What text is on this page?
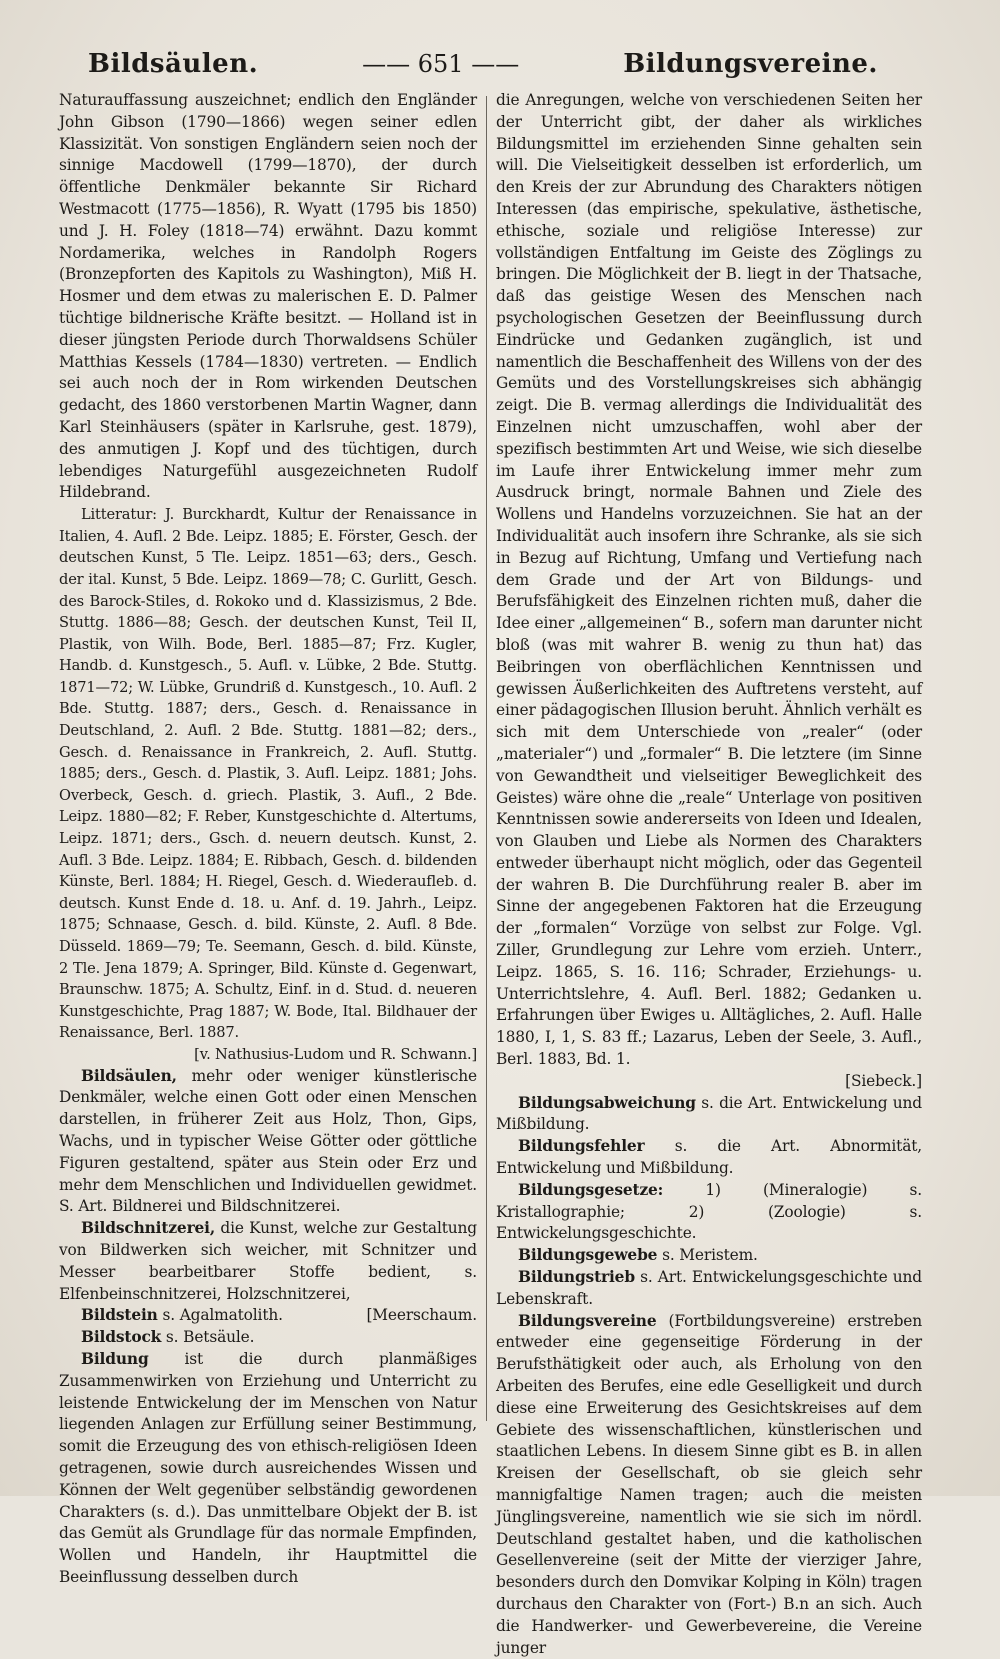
Bildsäulen.	—— 651 ——	Bildungsvereine.

Naturauffassung auszeichnet; endlich den Engländer John Gibson (1790—1866) wegen seiner edlen Klassizität. Von sonstigen Engländern seien noch der sinnige Macdowell (1799—1870), der durch öffentliche Denkmäler bekannte Sir Richard Westmacott (1775—1856), R. Wyatt (1795 bis 1850) und J. H. Foley (1818—74) erwähnt. Dazu kommt Nordamerika, welches in Randolph Rogers (Bronzepforten des Kapitols zu Washington), Miß H. Hosmer und dem etwas zu malerischen E. D. Palmer tüchtige bildnerische Kräfte besitzt. — Holland ist in dieser jüngsten Periode durch Thorwaldsens Schüler Matthias Kessels (1784—1830) vertreten. — Endlich sei auch noch der in Rom wirkenden Deutschen gedacht, des 1860 verstorbenen Martin Wagner, dann Karl Steinhäusers (später in Karlsruhe, gest. 1879), des anmutigen J. Kopf und des tüchtigen, durch lebendiges Naturgefühl ausgezeichneten Rudolf Hildebrand.

Litteratur: J. Burckhardt, Kultur der Renaissance in Italien, 4. Aufl. 2 Bde. Leipz. 1885; E. Förster, Gesch. der deutschen Kunst, 5 Tle. Leipz. 1851—63; ders., Gesch. der ital. Kunst, 5 Bde. Leipz. 1869—78; C. Gurlitt, Gesch. des Barock-Stiles, d. Rokoko und d. Klassizismus, 2 Bde. Stuttg. 1886—88; Gesch. der deutschen Kunst, Teil II, Plastik, von Wilh. Bode, Berl. 1885—87; Frz. Kugler, Handb. d. Kunstgesch., 5. Aufl. v. Lübke, 2 Bde. Stuttg. 1871—72; W. Lübke, Grundriß d. Kunstgesch., 10. Aufl. 2 Bde. Stuttg. 1887; ders., Gesch. d. Renaissance in Deutschland, 2. Aufl. 2 Bde. Stuttg. 1881—82; ders., Gesch. d. Renaissance in Frankreich, 2. Aufl. Stuttg. 1885; ders., Gesch. d. Plastik, 3. Aufl. Leipz. 1881; Johs. Overbeck, Gesch. d. griech. Plastik, 3. Aufl., 2 Bde. Leipz. 1880—82; F. Reber, Kunstgeschichte d. Altertums, Leipz. 1871; ders., Gsch. d. neuern deutsch. Kunst, 2. Aufl. 3 Bde. Leipz. 1884; E. Ribbach, Gesch. d. bildenden Künste, Berl. 1884; H. Riegel, Gesch. d. Wiederaufleb. d. deutsch. Kunst Ende d. 18. u. Anf. d. 19. Jahrh., Leipz. 1875; Schnaase, Gesch. d. bild. Künste, 2. Aufl. 8 Bde. Düsseld. 1869—79; Te. Seemann, Gesch. d. bild. Künste, 2 Tle. Jena 1879; A. Springer, Bild. Künste d. Gegenwart, Braunschw. 1875; A. Schultz, Einf. in d. Stud. d. neueren Kunstgeschichte, Prag 1887; W. Bode, Ital. Bildhauer der Renaissance, Berl. 1887.

[v. Nathusius-Ludom und R. Schwann.]

Bildsäulen, mehr oder weniger künstlerische Denkmäler, welche einen Gott oder einen Menschen darstellen, in früherer Zeit aus Holz, Thon, Gips, Wachs, und in typischer Weise Götter oder göttliche Figuren gestaltend, später aus Stein oder Erz und mehr dem Menschlichen und Individuellen gewidmet. S. Art. Bildnerei und Bildschnitzerei.

Bildschnitzerei, die Kunst, welche zur Gestaltung von Bildwerken sich weicher, mit Schnitzer und Messer bearbeitbarer Stoffe bedient, s. Elfenbeinschnitzerei, Holzschnitzerei,

Bildstein s. Agalmatolith.	[Meerschaum.

Bildstock s. Betsäule.

Bildung ist die durch planmäßiges Zusammenwirken von Erziehung und Unterricht zu leistende Entwickelung der im Menschen von Natur liegenden Anlagen zur Erfüllung seiner Bestimmung, somit die Erzeugung des von ethisch-religiösen Ideen getragenen, sowie durch ausreichendes Wissen und Können der Welt gegenüber selbständig gewordenen Charakters (s. d.). Das unmittelbare Objekt der B. ist das Gemüt als Grundlage für das normale Empfinden, Wollen und Handeln, ihr Hauptmittel die Beeinflussung desselben durch

die Anregungen, welche von verschiedenen Seiten her der Unterricht gibt, der daher als wirkliches Bildungsmittel im erziehenden Sinne gehalten sein will. Die Vielseitigkeit desselben ist erforderlich, um den Kreis der zur Abrundung des Charakters nötigen Interessen (das empirische, spekulative, ästhetische, ethische, soziale und religiöse Interesse) zur vollständigen Entfaltung im Geiste des Zöglings zu bringen. Die Möglichkeit der B. liegt in der Thatsache, daß das geistige Wesen des Menschen nach psychologischen Gesetzen der Beeinflussung durch Eindrücke und Gedanken zugänglich, ist und namentlich die Beschaffenheit des Willens von der des Gemüts und des Vorstellungskreises sich abhängig zeigt. Die B. vermag allerdings die Individualität des Einzelnen nicht umzuschaffen, wohl aber der spezifisch bestimmten Art und Weise, wie sich dieselbe im Laufe ihrer Entwickelung immer mehr zum Ausdruck bringt, normale Bahnen und Ziele des Wollens und Handelns vorzuzeichnen. Sie hat an der Individualität auch insofern ihre Schranke, als sie sich in Bezug auf Richtung, Umfang und Vertiefung nach dem Grade und der Art von Bildungs- und Berufsfähigkeit des Einzelnen richten muß, daher die Idee einer „allgemeinen“ B., sofern man darunter nicht bloß (was mit wahrer B. wenig zu thun hat) das Beibringen von oberflächlichen Kenntnissen und gewissen Äußerlichkeiten des Auftretens versteht, auf einer pädagogischen Illusion beruht. Ähnlich verhält es sich mit dem Unterschiede von „realer“ (oder „materialer“) und „formaler“ B. Die letztere (im Sinne von Gewandtheit und vielseitiger Beweglichkeit des Geistes) wäre ohne die „reale“ Unterlage von positiven Kenntnissen sowie andererseits von Ideen und Idealen, von Glauben und Liebe als Normen des Charakters entweder überhaupt nicht möglich, oder das Gegenteil der wahren B. Die Durchführung realer B. aber im Sinne der angegebenen Faktoren hat die Erzeugung der „formalen“ Vorzüge von selbst zur Folge. Vgl. Ziller, Grundlegung zur Lehre vom erzieh. Unterr., Leipz. 1865, S. 16. 116; Schrader, Erziehungs- u. Unterrichtslehre, 4. Aufl. Berl. 1882; Gedanken u. Erfahrungen über Ewiges u. Alltägliches, 2. Aufl. Halle 1880, I, 1, S. 83 ff.; Lazarus, Leben der Seele, 3. Aufl., Berl. 1883, Bd. 1.

[Siebeck.]

Bildungsabweichung s. die Art. Entwickelung und Mißbildung.

Bildungsfehler s. die Art. Abnormität, Entwickelung und Mißbildung.

Bildungsgesetze: 1) (Mineralogie) s. Kristallographie; 2) (Zoologie) s. Entwickelungsgeschichte.

Bildungsgewebe s. Meristem.

Bildungstrieb s. Art. Entwickelungsgeschichte und Lebenskraft.

Bildungsvereine (Fortbildungsvereine) erstreben entweder eine gegenseitige Förderung in der Berufsthätigkeit oder auch, als Erholung von den Arbeiten des Berufes, eine edle Geselligkeit und durch diese eine Erweiterung des Gesichtskreises auf dem Gebiete des wissenschaftlichen, künstlerischen und staatlichen Lebens. In diesem Sinne gibt es B. in allen Kreisen der Gesellschaft, ob sie gleich sehr mannigfaltige Namen tragen; auch die meisten Jünglingsvereine, namentlich wie sie sich im nördl. Deutschland gestaltet haben, und die katholischen Gesellenvereine (seit der Mitte der vierziger Jahre, besonders durch den Domvikar Kolping in Köln) tragen durchaus den Charakter von (Fort-) B.n an sich. Auch die Handwerker- und Gewerbevereine, die Vereine junger
